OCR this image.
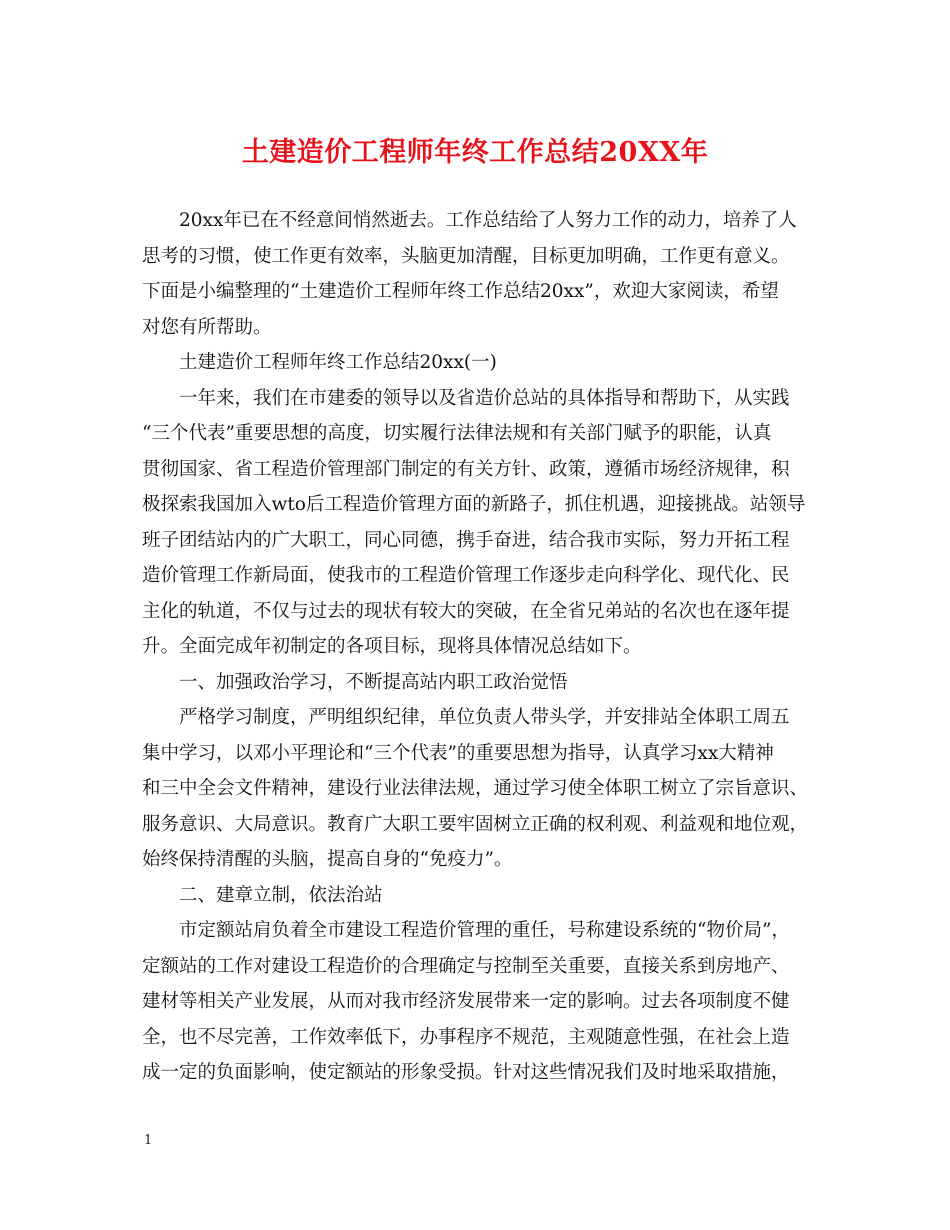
土建造价工程师年终工作总结20XX年
20xx年已在不经意间悄然逝去。工作总结给了人努力工作的动力，培养了人
思考的习惯，使工作更有效率，头脑更加清醒，目标更加明确，工作更有意义。
下面是小编整理的“土建造价工程师年终工作总结20xx”，欢迎大家阅读，希望
对您有所帮助。
土建造价工程师年终工作总结20xx(一)
一年来，我们在市建委的领导以及省造价总站的具体指导和帮助下，从实践
“三个代表”重要思想的高度，切实履行法律法规和有关部门赋予的职能，认真
贯彻国家、省工程造价管理部门制定的有关方针、政策，遵循市场经济规律，积
极探索我国加入wto后工程造价管理方面的新路子，抓住机遇，迎接挑战。站领导
班子团结站内的广大职工，同心同德，携手奋进，结合我市实际，努力开拓工程
造价管理工作新局面，使我市的工程造价管理工作逐步走向科学化、现代化、民
主化的轨道，不仅与过去的现状有较大的突破，在全省兄弟站的名次也在逐年提
升。全面完成年初制定的各项目标，现将具体情况总结如下。
一、加强政治学习，不断提高站内职工政治觉悟
严格学习制度，严明组织纪律，单位负责人带头学，并安排站全体职工周五
集中学习，以邓小平理论和“三个代表”的重要思想为指导，认真学习xx大精神
和三中全会文件精神，建设行业法律法规，通过学习使全体职工树立了宗旨意识、
服务意识、大局意识。教育广大职工要牢固树立正确的权利观、利益观和地位观，
始终保持清醒的头脑，提高自身的“免疫力”。
二、建章立制，依法治站
市定额站肩负着全市建设工程造价管理的重任，号称建设系统的“物价局”，
定额站的工作对建设工程造价的合理确定与控制至关重要，直接关系到房地产、
建材等相关产业发展，从而对我市经济发展带来一定的影响。过去各项制度不健
全，也不尽完善，工作效率低下，办事程序不规范，主观随意性强，在社会上造
成一定的负面影响，使定额站的形象受损。针对这些情况我们及时地采取措施，
1
